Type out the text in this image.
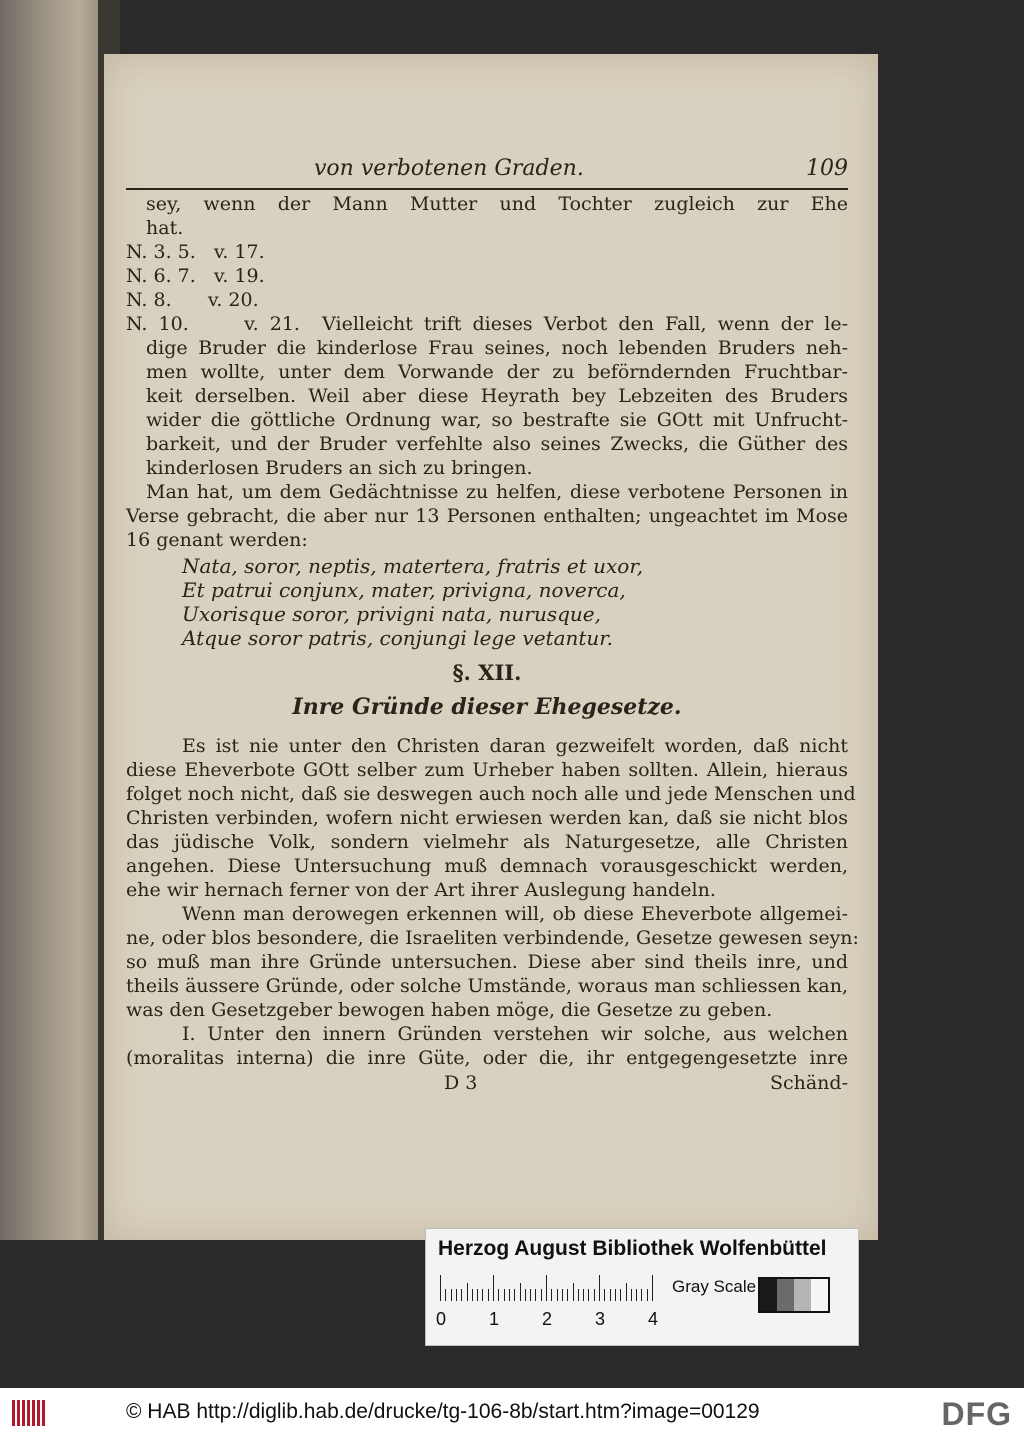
von verbotenen Graden.	109
sey, wenn der Mann Mutter und Tochter zugleich zur Ehe
hat.
N. 3. 5.   v. 17.
N. 6. 7.   v. 19.
N. 8.      v. 20.
N. 10.     v. 21.  Vielleicht trift dieses Verbot den Fall, wenn der le-
dige Bruder die kinderlose Frau seines, noch lebenden Bruders neh-
men wollte, unter dem Vorwande der zu beförndernden Fruchtbar-
keit derselben. Weil aber diese Heyrath bey Lebzeiten des Bruders
wider die göttliche Ordnung war, so bestrafte sie GOtt mit Unfrucht-
barkeit, und der Bruder verfehlte also seines Zwecks, die Güther des
kinderlosen Bruders an sich zu bringen.
Man hat, um dem Gedächtnisse zu helfen, diese verbotene Personen in
Verse gebracht, die aber nur 13 Personen enthalten; ungeachtet im Mose
16 genant werden:
Nata, soror, neptis, matertera, fratris et uxor,
Et patrui conjunx, mater, privigna, noverca,
Uxorisque soror, privigni nata, nurusque,
Atque soror patris, conjungi lege vetantur.
§. XII.
Inre Gründe dieser Ehegesetze.
Es ist nie unter den Christen daran gezweifelt worden, daß nicht
diese Eheverbote GOtt selber zum Urheber haben sollten. Allein, hieraus
folget noch nicht, daß sie deswegen auch noch alle und jede Menschen und
Christen verbinden, wofern nicht erwiesen werden kan, daß sie nicht blos
das jüdische Volk, sondern vielmehr als Naturgesetze, alle Christen
angehen. Diese Untersuchung muß demnach vorausgeschickt werden,
ehe wir hernach ferner von der Art ihrer Auslegung handeln.
Wenn man derowegen erkennen will, ob diese Eheverbote allgemei-
ne, oder blos besondere, die Israeliten verbindende, Gesetze gewesen seyn:
so muß man ihre Gründe untersuchen. Diese aber sind theils inre, und
theils äussere Gründe, oder solche Umstände, woraus man schliessen kan,
was den Gesetzgeber bewogen haben möge, die Gesetze zu geben.
I. Unter den innern Gründen verstehen wir solche, aus welchen
(moralitas interna) die inre Güte, oder die, ihr entgegengesetzte inre
D 3	Schänd-
Herzog August Bibliothek Wolfenbüttel
0 1 2 3 4
Gray Scale
© HAB http://diglib.hab.de/drucke/tg-106-8b/start.htm?image=00129	DFG
